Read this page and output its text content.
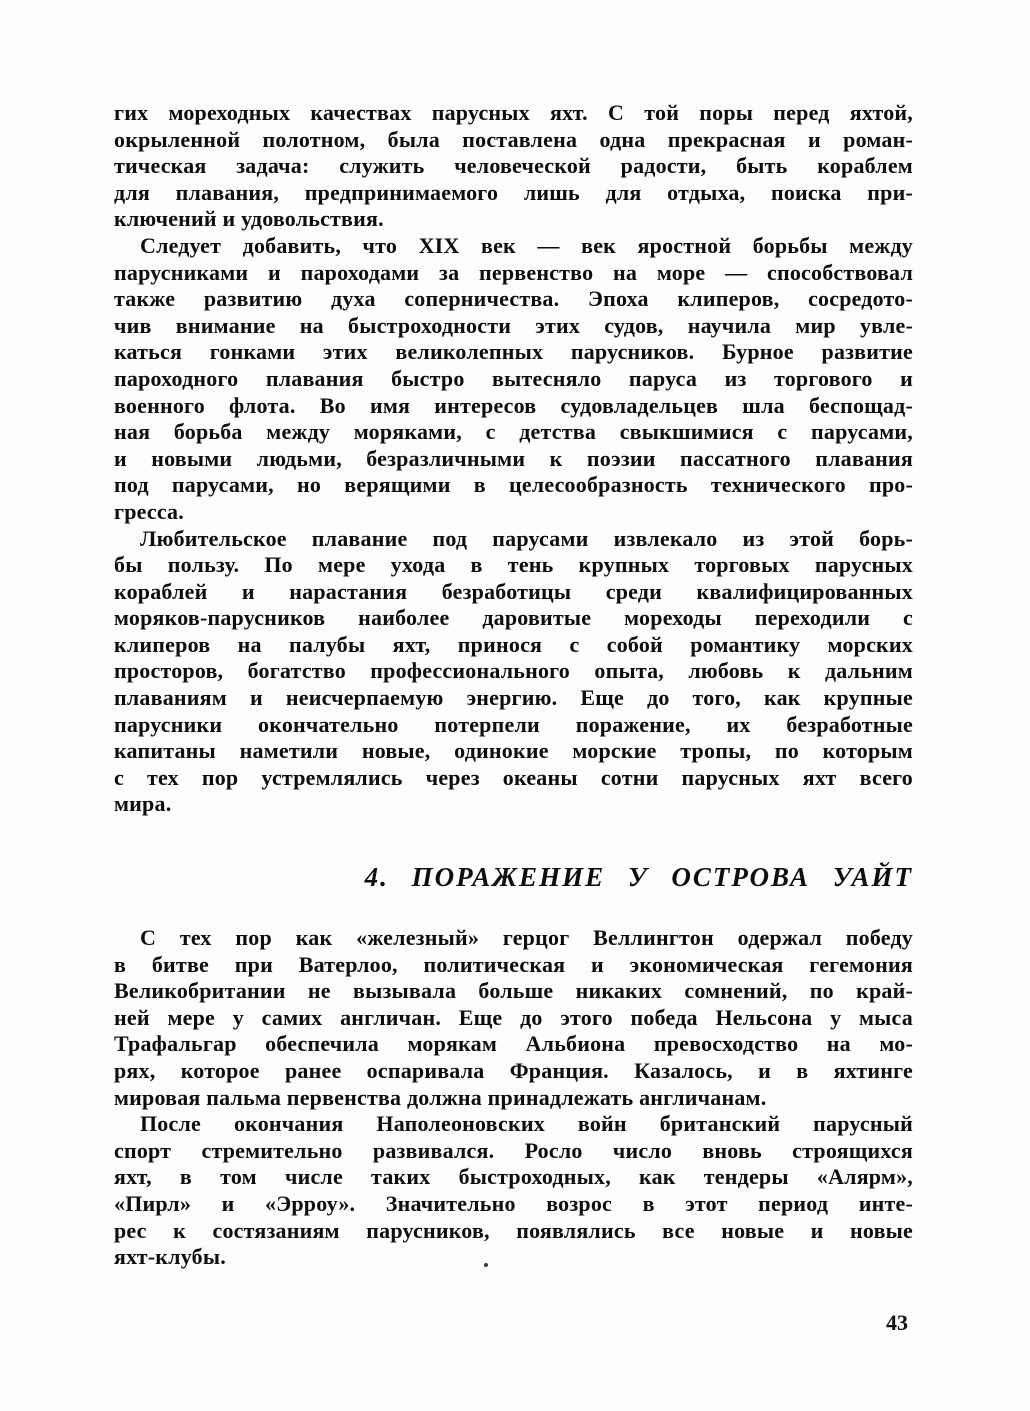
гих мореходных качествах парусных яхт. С той поры перед яхтой,
окрыленной полотном, была поставлена одна прекрасная и роман-
тическая задача: служить человеческой радости, быть кораблем
для плавания, предпринимаемого лишь для отдыха, поиска при-
ключений и удовольствия.
Следует добавить, что XIX век — век яростной борьбы между
парусниками и пароходами за первенство на море — способствовал
также развитию духа соперничества. Эпоха клиперов, сосредото-
чив внимание на быстроходности этих судов, научила мир увле-
каться гонками этих великолепных парусников. Бурное развитие
пароходного плавания быстро вытесняло паруса из торгового и
военного флота. Во имя интересов судовладельцев шла беспощад-
ная борьба между моряками, с детства свыкшимися с парусами,
и новыми людьми, безразличными к поэзии пассатного плавания
под парусами, но верящими в целесообразность технического про-
гресса.
Любительское плавание под парусами извлекало из этой борь-
бы пользу. По мере ухода в тень крупных торговых парусных
кораблей и нарастания безработицы среди квалифицированных
моряков-парусников наиболее даровитые мореходы переходили с
клиперов на палубы яхт, принося с собой романтику морских
просторов, богатство профессионального опыта, любовь к дальним
плаваниям и неисчерпаемую энергию. Еще до того, как крупные
парусники окончательно потерпели поражение, их безработные
капитаны наметили новые, одинокие морские тропы, по которым
с тех пор устремлялись через океаны сотни парусных яхт всего
мира.
4. ПОРАЖЕНИЕ У ОСТРОВА УАЙТ
С тех пор как «железный» герцог Веллингтон одержал победу
в битве при Ватерлоо, политическая и экономическая гегемония
Великобритании не вызывала больше никаких сомнений, по край-
ней мере у самих англичан. Еще до этого победа Нельсона у мыса
Трафальгар обеспечила морякам Альбиона превосходство на мо-
рях, которое ранее оспаривала Франция. Казалось, и в яхтинге
мировая пальма первенства должна принадлежать англичанам.
После окончания Наполеоновских войн британский парусный
спорт стремительно развивался. Росло число вновь строящихся
яхт, в том числе таких быстроходных, как тендеры «Алярм»,
«Пирл» и «Эрроу». Значительно возрос в этот период инте-
рес к состязаниям парусников, появлялись все новые и новые
яхт-клубы.
43
